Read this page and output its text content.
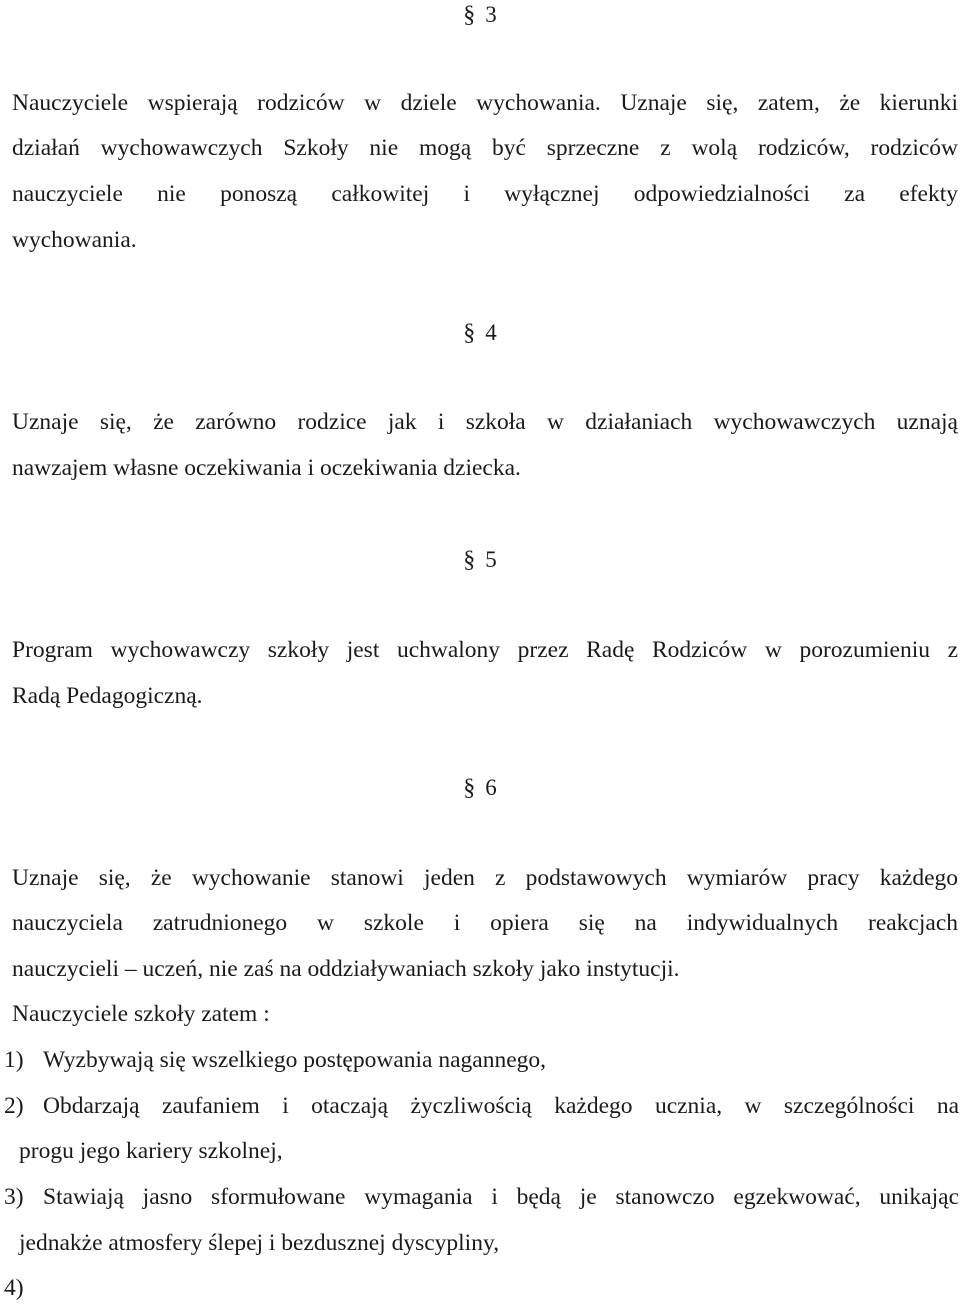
§ 3
Nauczyciele wspierają rodziców w dziele wychowania. Uznaje się, zatem, że kierunki
działań wychowawczych Szkoły nie mogą być sprzeczne z wolą rodziców, rodziców
nauczyciele nie ponoszą całkowitej i wyłącznej odpowiedzialności za efekty
wychowania.
§ 4
Uznaje się, że zarówno rodzice jak i szkoła w działaniach wychowawczych uznają
nawzajem własne oczekiwania i oczekiwania dziecka.
§ 5
Program wychowawczy szkoły jest uchwalony przez Radę Rodziców w porozumieniu z
Radą Pedagogiczną.
§ 6
Uznaje się, że wychowanie stanowi jeden z podstawowych wymiarów pracy każdego
nauczyciela zatrudnionego w szkole i opiera się na indywidualnych reakcjach
nauczycieli – uczeń, nie zaś na oddziaływaniach szkoły jako instytucji.
Nauczyciele szkoły zatem :
1) Wyzbywają się wszelkiego postępowania nagannego,
2) Obdarzają zaufaniem i otaczają życzliwością każdego ucznia, w szczególności na
progu jego kariery szkolnej,
3) Stawiają jasno sformułowane wymagania i będą je stanowczo egzekwować, unikając
jednakże atmosfery ślepej i bezdusznej dyscypliny,
4)
